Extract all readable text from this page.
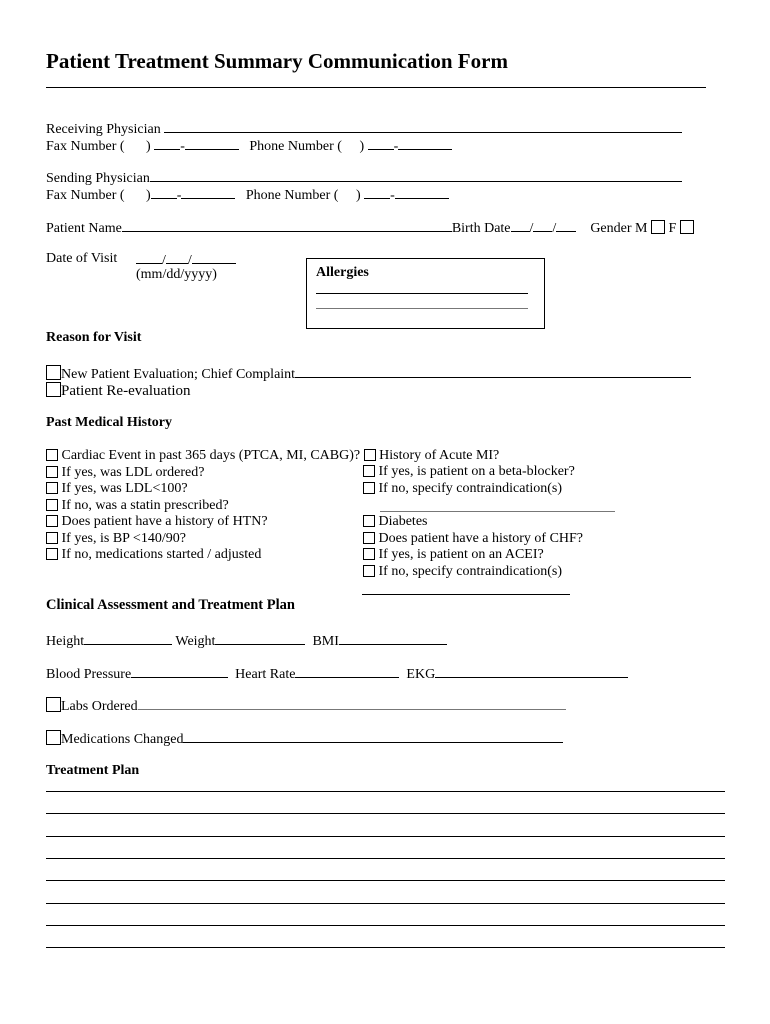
Patient Treatment Summary Communication Form
Receiving Physician
Fax Number ( ) -	Phone Number ( ) -
Sending Physician
Fax Number ( ) -	Phone Number ( ) -
Patient Name	Birth Date / / Gender M F
Date of Visit	/ /
(mm/dd/yyyy)	Allergies
Reason for Visit
New Patient Evaluation; Chief Complaint
Patient Re-evaluation
Past Medical History
Cardiac Event in past 365 days (PTCA, MI, CABG)? History of Acute MI?
If yes, was LDL ordered?
If yes, was LDL<100?
If no, was a statin prescribed?
Does patient have a history of HTN?
If yes, is BP <140/90?
If no, medications started / adjusted
If yes, is patient on a beta-blocker?
If no, specify contraindication(s)
Diabetes
Does patient have a history of CHF?
If yes, is patient on an ACEI?
If no, specify contraindication(s)
Clinical Assessment and Treatment Plan
Height	Weight	BMI
Blood Pressure	Heart Rate	EKG
Labs Ordered
Medications Changed
Treatment Plan
